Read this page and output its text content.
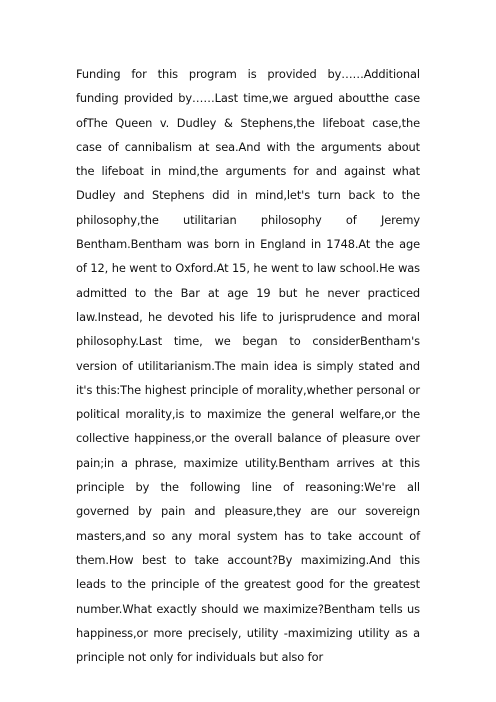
Funding for this program is provided by……Additional funding provided by……Last time,we argued aboutthe case ofThe Queen v. Dudley & Stephens,the lifeboat case,the case of cannibalism at sea.And with the arguments about the lifeboat in mind,the arguments for and against what Dudley and Stephens did in mind,let's turn back to the philosophy,the utilitarian philosophy of Jeremy Bentham.Bentham was born in England in 1748.At the age of 12, he went to Oxford.At 15, he went to law school.He was admitted to the Bar at age 19 but he never practiced law.Instead, he devoted his life to jurisprudence and moral philosophy.Last time, we began to considerBentham's version of utilitarianism.The main idea is simply stated and it's this:The highest principle of morality,whether personal or political morality,is to maximize the general welfare,or the collective happiness,or the overall balance of pleasure over pain;in a phrase, maximize utility.Bentham arrives at this principle by the following line of reasoning:We're all governed by pain and pleasure,they are our sovereign masters,and so any moral system has to take account of them.How best to take account?By maximizing.And this leads to the principle of the greatest good for the greatest number.What exactly should we maximize?Bentham tells us happiness,or more precisely, utility -maximizing utility as a principle not only for individuals but also for
